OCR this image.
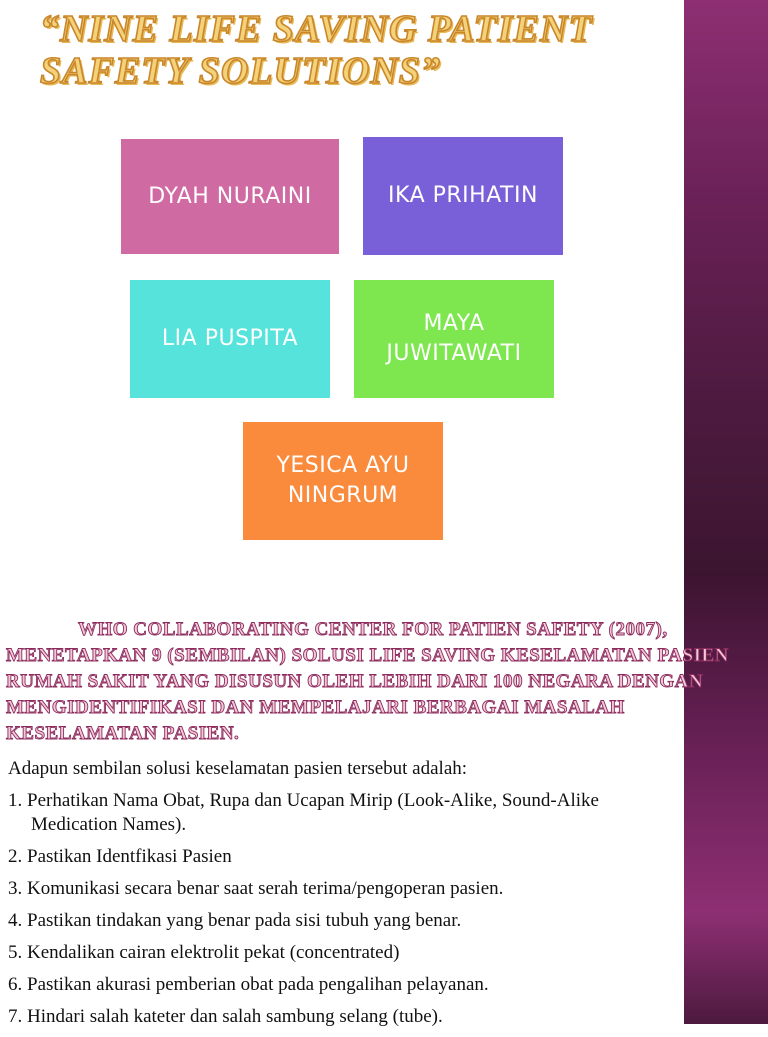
“NINE LIFE SAVING PATIENT SAFETY SOLUTIONS”
DYAH NURAINI	IKA PRIHATIN
LIA PUSPITA
MAYA JUWITAWATI
YESICA AYU NINGRUM

WHO COLLABORATING CENTER FOR PATIEN SAFETY (2007), MENETAPKAN 9 (SEMBILAN) SOLUSI LIFE SAVING KESELAMATAN PASIEN RUMAH SAKIT YANG DISUSUN OLEH LEBIH DARI 100 NEGARA DENGAN MENGIDENTIFIKASI DAN MEMPELAJARI BERBAGAI MASALAH KESELAMATAN PASIEN.

Adapun sembilan solusi keselamatan pasien tersebut adalah:

1. Perhatikan Nama Obat, Rupa dan Ucapan Mirip (Look-Alike, Sound-Alike Medication Names).
2. Pastikan Identfikasi Pasien
3. Komunikasi secara benar saat serah terima/pengoperan pasien.
4. Pastikan tindakan yang benar pada sisi tubuh yang benar.
5. Kendalikan cairan elektrolit pekat (concentrated)
6. Pastikan akurasi pemberian obat pada pengalihan pelayanan.
7. Hindari salah kateter dan salah sambung selang (tube).
